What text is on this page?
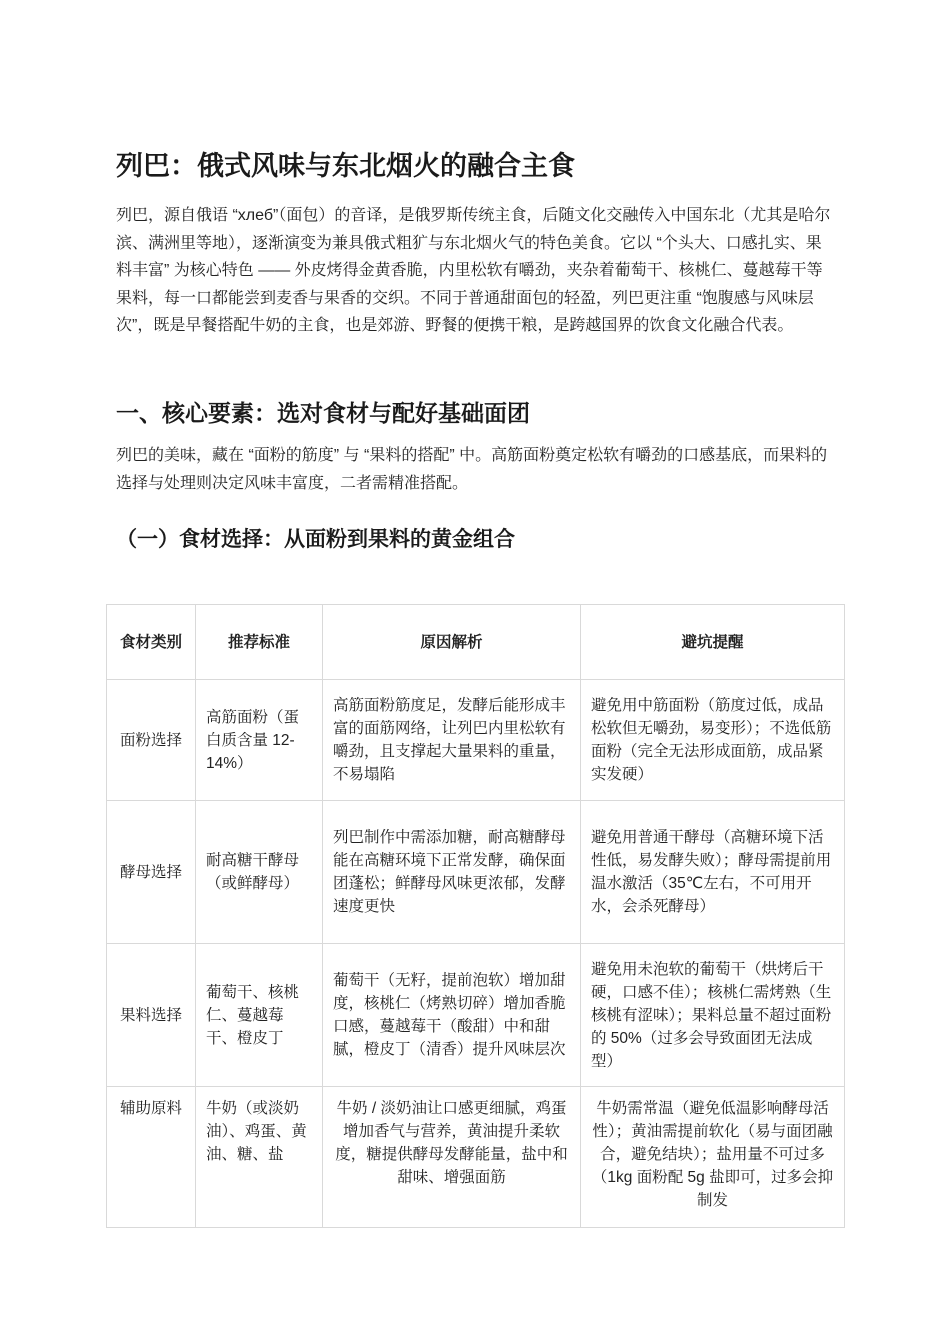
列巴：俄式风味与东北烟火的融合主食

列巴，源自俄语 “хлеб”（面包）的音译，是俄罗斯传统主食，后随文化交融传入中国东北（尤其是哈尔滨、满洲里等地），逐渐演变为兼具俄式粗犷与东北烟火气的特色美食。它以 “个头大、口感扎实、果料丰富” 为核心特色 —— 外皮烤得金黄香脆，内里松软有嚼劲，夹杂着葡萄干、核桃仁、蔓越莓干等果料，每一口都能尝到麦香与果香的交织。不同于普通甜面包的轻盈，列巴更注重 “饱腹感与风味层次”，既是早餐搭配牛奶的主食，也是郊游、野餐的便携干粮，是跨越国界的饮食文化融合代表。

一、核心要素：选对食材与配好基础面团

列巴的美味，藏在 “面粉的筋度” 与 “果料的搭配” 中。高筋面粉奠定松软有嚼劲的口感基底，而果料的选择与处理则决定风味丰富度，二者需精准搭配。

（一）食材选择：从面粉到果料的黄金组合
食材类别	推荐标准	原因解析	避坑提醒
面粉选择	高筋面粉（蛋白质含量 12-14%）	高筋面粉筋度足，发酵后能形成丰富的面筋网络，让列巴内里松软有嚼劲，且支撑起大量果料的重量，不易塌陷	避免用中筋面粉（筋度过低，成品松软但无嚼劲，易变形）；不选低筋面粉（完全无法形成面筋，成品紧实发硬）
酵母选择	耐高糖干酵母（或鲜酵母）	列巴制作中需添加糖，耐高糖酵母能在高糖环境下正常发酵，确保面团蓬松；鲜酵母风味更浓郁，发酵速度更快	避免用普通干酵母（高糖环境下活性低，易发酵失败）；酵母需提前用温水激活（35℃左右，不可用开水，会杀死酵母）
果料选择	葡萄干、核桃仁、蔓越莓干、橙皮丁	葡萄干（无籽，提前泡软）增加甜度，核桃仁（烤熟切碎）增加香脆口感，蔓越莓干（酸甜）中和甜腻，橙皮丁（清香）提升风味层次	避免用未泡软的葡萄干（烘烤后干硬，口感不佳）；核桃仁需烤熟（生核桃有涩味）；果料总量不超过面粉的 50%（过多会导致面团无法成型）
辅助原料	牛奶（或淡奶油）、鸡蛋、黄油、糖、盐	牛奶 / 淡奶油让口感更细腻，鸡蛋增加香气与营养，黄油提升柔软度，糖提供酵母发酵能量，盐中和甜味、增强面筋	牛奶需常温（避免低温影响酵母活性）；黄油需提前软化（易与面团融合，避免结块）；盐用量不可过多（1kg 面粉配 5g 盐即可，过多会抑制发
